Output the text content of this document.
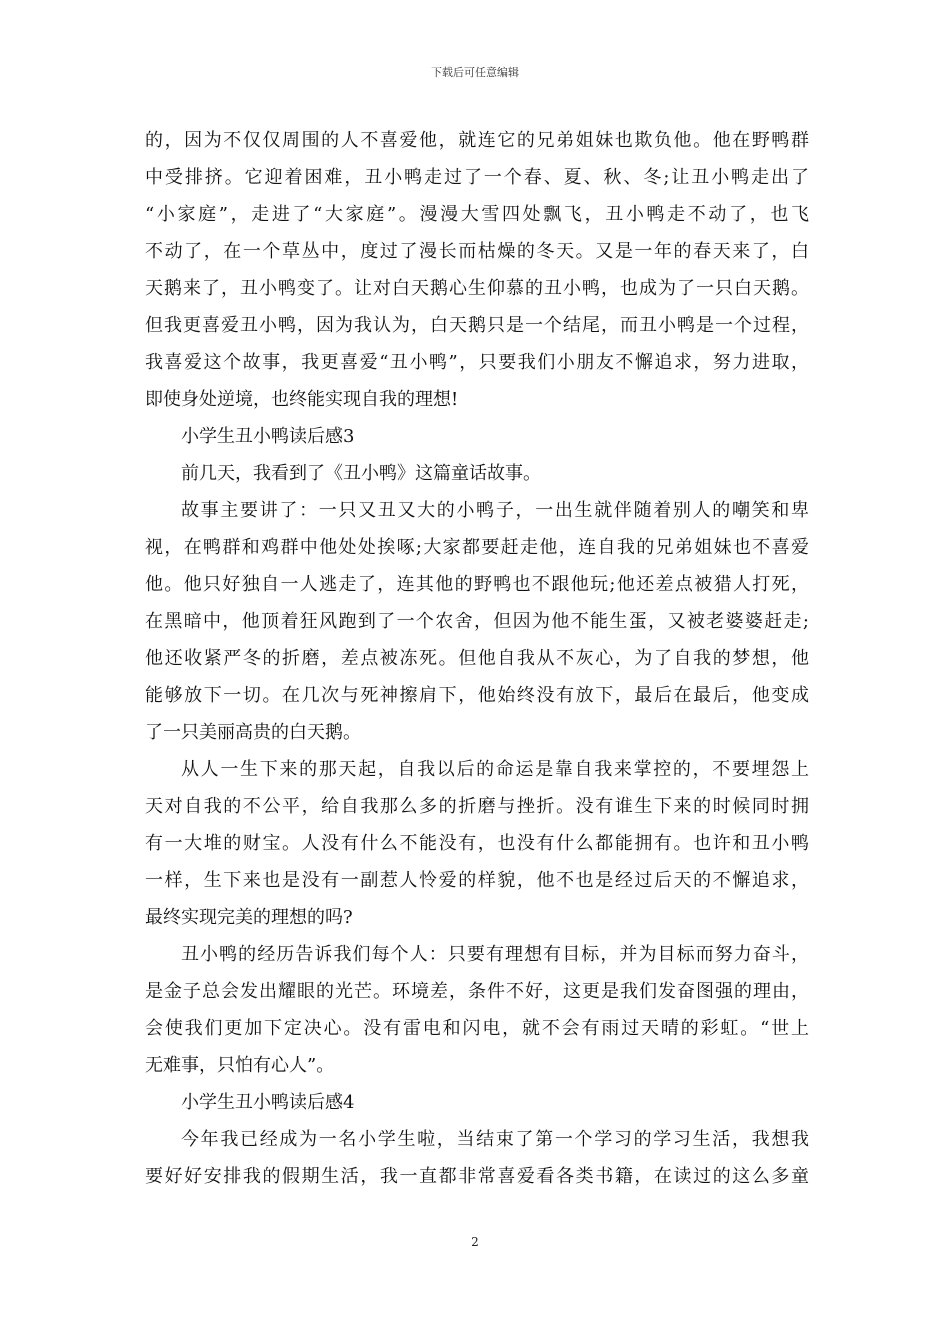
下载后可任意编辑
的，因为不仅仅周围的人不喜爱他，就连它的兄弟姐妹也欺负他。他在野鸭群
中受排挤。它迎着困难，丑小鸭走过了一个春、夏、秋、冬;让丑小鸭走出了
“小家庭”，走进了“大家庭”。漫漫大雪四处飘飞，丑小鸭走不动了，也飞
不动了，在一个草丛中，度过了漫长而枯燥的冬天。又是一年的春天来了，白
天鹅来了，丑小鸭变了。让对白天鹅心生仰慕的丑小鸭，也成为了一只白天鹅。
但我更喜爱丑小鸭，因为我认为，白天鹅只是一个结尾，而丑小鸭是一个过程，
我喜爱这个故事，我更喜爱“丑小鸭”，只要我们小朋友不懈追求，努力进取，
即使身处逆境，也终能实现自我的理想!
小学生丑小鸭读后感3
前几天，我看到了《丑小鸭》这篇童话故事。
故事主要讲了：一只又丑又大的小鸭子，一出生就伴随着别人的嘲笑和卑
视，在鸭群和鸡群中他处处挨啄;大家都要赶走他，连自我的兄弟姐妹也不喜爱
他。他只好独自一人逃走了，连其他的野鸭也不跟他玩;他还差点被猎人打死，
在黑暗中，他顶着狂风跑到了一个农舍，但因为他不能生蛋，又被老婆婆赶走;
他还收紧严冬的折磨，差点被冻死。但他自我从不灰心，为了自我的梦想，他
能够放下一切。在几次与死神擦肩下，他始终没有放下，最后在最后，他变成
了一只美丽高贵的白天鹅。
从人一生下来的那天起，自我以后的命运是靠自我来掌控的，不要埋怨上
天对自我的不公平，给自我那么多的折磨与挫折。没有谁生下来的时候同时拥
有一大堆的财宝。人没有什么不能没有，也没有什么都能拥有。也许和丑小鸭
一样，生下来也是没有一副惹人怜爱的样貌，他不也是经过后天的不懈追求，
最终实现完美的理想的吗?
丑小鸭的经历告诉我们每个人：只要有理想有目标，并为目标而努力奋斗，
是金子总会发出耀眼的光芒。环境差，条件不好，这更是我们发奋图强的理由，
会使我们更加下定决心。没有雷电和闪电，就不会有雨过天晴的彩虹。“世上
无难事，只怕有心人”。
小学生丑小鸭读后感4
今年我已经成为一名小学生啦，当结束了第一个学习的学习生活，我想我
要好好安排我的假期生活，我一直都非常喜爱看各类书籍，在读过的这么多童
2
